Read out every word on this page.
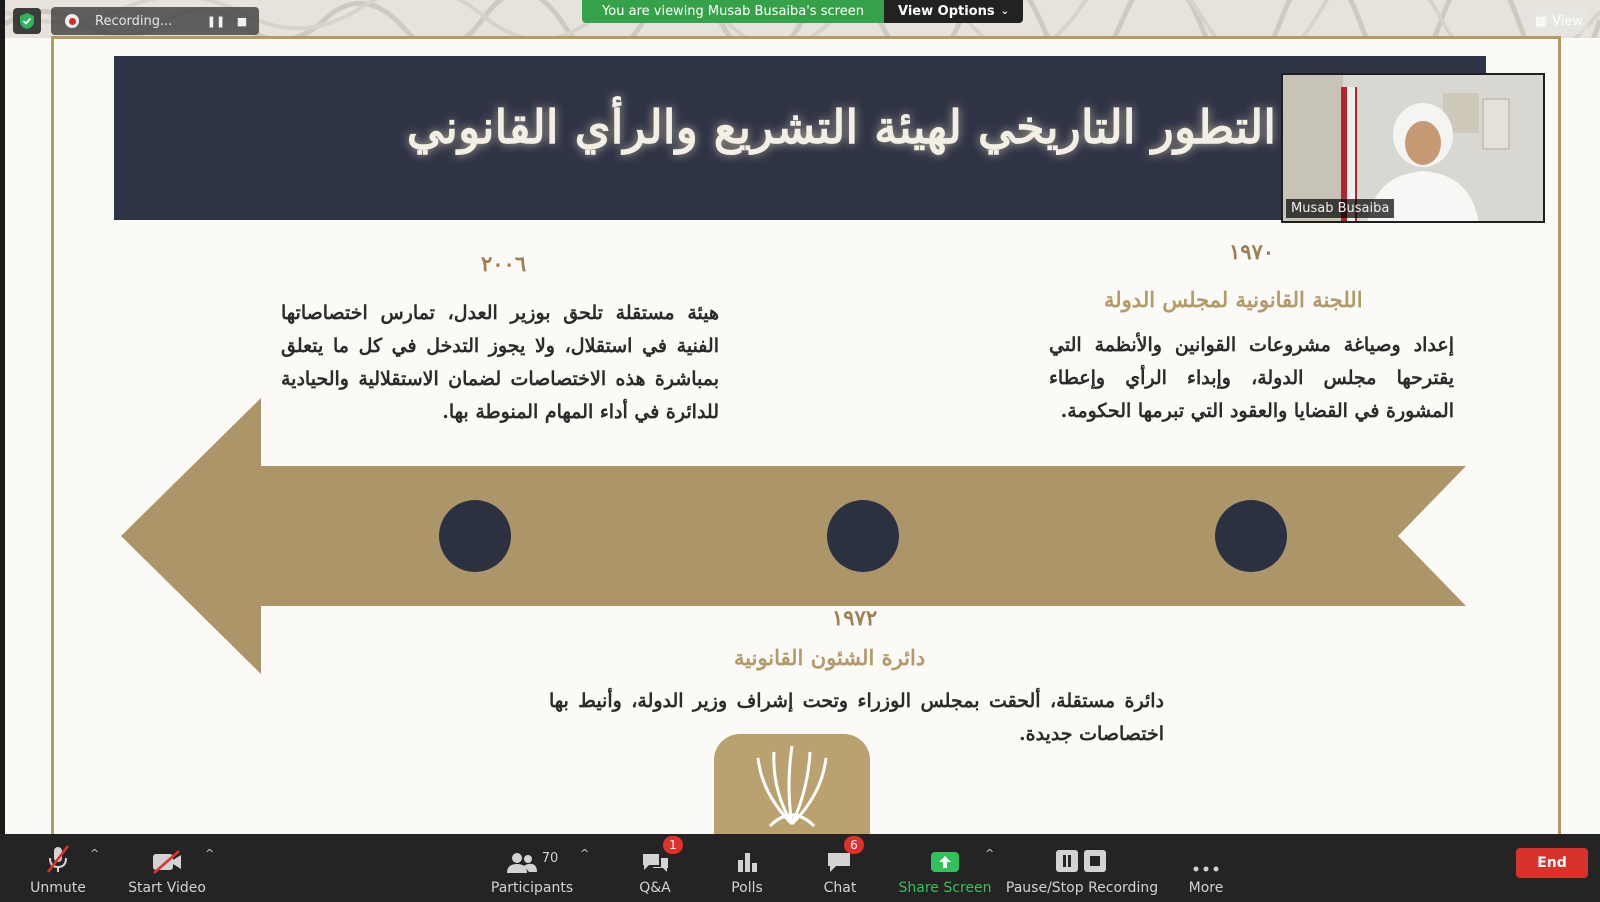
التطور التاريخي لهيئة التشريع والرأي القانوني
١٩٧٠
اللجنة القانونية لمجلس الدولة
إعداد وصياغة مشروعات القوانين والأنظمة التي يقترحها مجلس الدولة، وإبداء الرأي وإعطاء المشورة في القضايا والعقود التي تبرمها الحكومة.
٢٠٠٦
هيئة مستقلة تلحق بوزير العدل، تمارس اختصاصاتها الفنية في استقلال، ولا يجوز التدخل في كل ما يتعلق بمباشرة هذه الاختصاصات لضمان الاستقلالية والحيادية للدائرة في أداء المهام المنوطة بها.
١٩٧٢
دائرة الشئون القانونية
دائرة مستقلة، ألحقت بمجلس الوزراء وتحت إشراف وزير الدولة، وأنيط بها اختصاصات جديدة.
Recording...	❚❚	■
You are viewing Musab Busaiba's screen	View Options ⌄
▦ View
Musab Busaiba
Unmute
^
Start Video
^	70
Participants
^
Q&A
1
Polls	Chat
6
Share Screen
^
Pause/Stop Recording More
End
